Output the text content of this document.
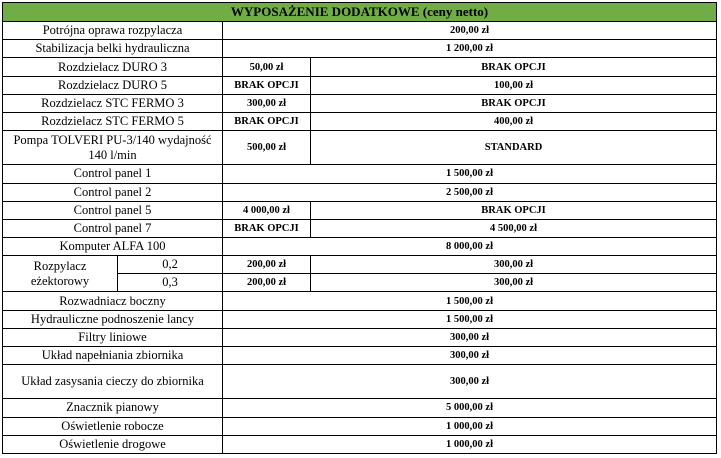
WYPOSAŻENIE DODATKOWE (ceny netto)			
Potrójna oprawa rozpylacza		200,00 zł	
Stabilizacja belki hydrauliczna		1 200,00 zł	
Rozdzielacz DURO 3		50,00 zł	BRAK OPCJI
Rozdzielacz DURO 5		BRAK OPCJI	100,00 zł
Rozdzielacz STC FERMO 3		300,00 zł	BRAK OPCJI
Rozdzielacz STC FERMO 5		BRAK OPCJI	400,00 zł
Pompa TOLVERI PU-3/140 wydajność 140 l/min		500,00 zł	STANDARD
Control panel 1		1 500,00 zł	
Control panel 2		2 500,00 zł	
Control panel 5		4 000,00 zł	BRAK OPCJI
Control panel 7		BRAK OPCJI	4 500,00 zł
Komputer ALFA 100		8 000,00 zł	
Rozpylacz eżektorowy	0,2	200,00 zł	300,00 zł
	0,3	200,00 zł	300,00 zł
Rozwadniacz boczny		1 500,00 zł	
Hydrauliczne podnoszenie lancy		1 500,00 zł	
Filtry liniowe		300,00 zł	
Układ napełniania zbiornika		300,00 zł	
Układ zasysania cieczy do zbiornika		300,00 zł	
Znacznik pianowy		5 000,00 zł	
Oświetlenie robocze		1 000,00 zł	
Oświetlenie drogowe		1 000,00 zł	
